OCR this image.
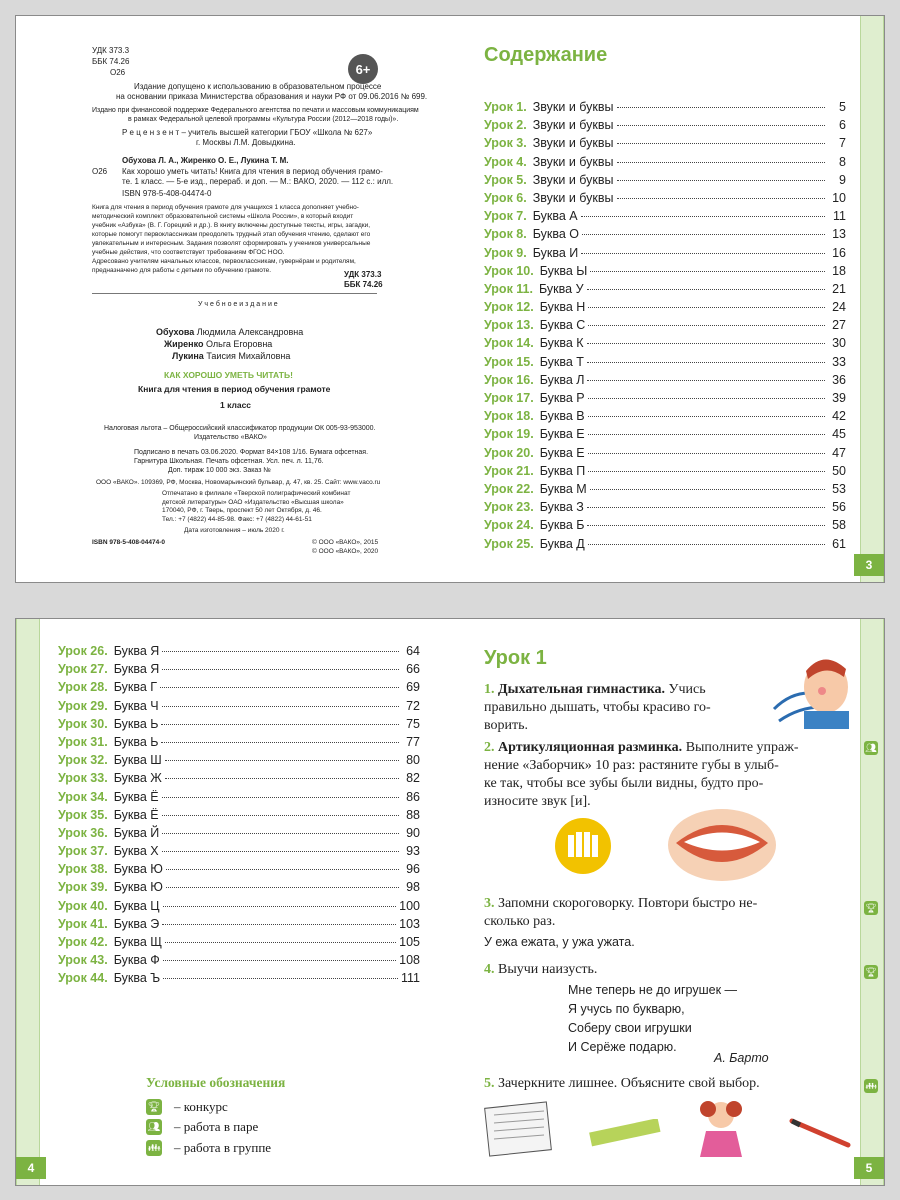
3
УДК 373.3
ББК 74.26
О26	6+
Издание допущено к использованию в образовательном процессе
на основании приказа Министерства образования и науки РФ от 09.06.2016 № 699.
Издано при финансовой поддержке Федерального агентства по печати и массовым коммуникациям
в рамках Федеральной целевой программы «Культура России (2012—2018 годы)».
Р е ц е н з е н т – учитель высшей категории ГБОУ «Школа № 627»
г. Москвы Л.М. Довыдкина.
Обухова Л. А., Жиренко О. Е., Лукина Т. М.
О26 Как хорошо уметь читать! Книга для чтения в период обучения грамо-
те. 1 класс. — 5-е изд., перераб. и доп. — М.: ВАКО, 2020. — 112 с.: илл.
ISBN 978-5-408-04474-0
Книга для чтения в период обучения грамоте для учащихся 1 класса дополняет учебно-
методический комплект образовательной системы «Школа России», в который входит
учебник «Азбука» (В. Г. Горецкий и др.). В книгу включены доступные тексты, игры, загадки,
которые помогут первоклассникам преодолеть трудный этап обучения чтению, сделают его
увлекательным и интересным. Задания позволят сформировать у учеников универсальные
учебные действия, что соответствует требованиям ФГОС НОО.
Адресовано учителям начальных классов, первоклассникам, гувернёрам и родителям,
предназначено для работы с детьми по обучению грамоте.	УДК 373.3
ББК 74.26
У ч е б н о е и з д а н и е
Обухова Людмила Александровна
Жиренко Ольга Егоровна
Лукина Таисия Михайловна
КАК ХОРОШО УМЕТЬ ЧИТАТЬ!
Книга для чтения в период обучения грамоте
1 класс
Налоговая льгота – Общероссийский классификатор продукции ОК 005-93-953000.
Издательство «ВАКО»
Подписано в печать 03.06.2020. Формат 84×108 1/16. Бумага офсетная.
Гарнитура Школьная. Печать офсетная. Усл. печ. л. 11,76.
Доп. тираж 10 000 экз. Заказ №
ООО «ВАКО». 109369, РФ, Москва, Новомарьинский бульвар, д. 47, кв. 25. Сайт: www.vaco.ru
Отпечатано в филиале «Тверской полиграфический комбинат
детской литературы» ОАО «Издательство «Высшая школа»
170040, РФ, г. Тверь, проспект 50 лет Октября, д. 46.
Тел.: +7 (4822) 44-85-98. Факс: +7 (4822) 44-61-51
Дата изготовления – июль 2020 г.
ISBN 978-5-408-04474-0	© ООО «ВАКО», 2015
© ООО «ВАКО», 2020
Содержание
Урок 1. Звуки и буквы	5
Урок 2. Звуки и буквы	6
Урок 3. Звуки и буквы	7
Урок 4. Звуки и буквы	8
Урок 5. Звуки и буквы	9
Урок 6. Звуки и буквы	10
Урок 7. Буква А	11
Урок 8. Буква О	13
Урок 9. Буква И	16
Урок 10. Буква Ы	18
Урок 11. Буква У	21
Урок 12. Буква Н	24
Урок 13. Буква С	27
Урок 14. Буква К	30
Урок 15. Буква Т	33
Урок 16. Буква Л	36
Урок 17. Буква Р	39
Урок 18. Буква В	42
Урок 19. Буква Е	45
Урок 20. Буква Е	47
Урок 21. Буква П	50
Урок 22. Буква М	53
Урок 23. Буква З	56
Урок 24. Буква Б	58
Урок 25. Буква Д	61
4	5
Урок 26. Буква Я	64
Урок 27. Буква Я	66
Урок 28. Буква Г	69
Урок 29. Буква Ч	72
Урок 30. Буква Ь	75
Урок 31. Буква Ь	77
Урок 32. Буква Ш	80
Урок 33. Буква Ж	82
Урок 34. Буква Ё	86
Урок 35. Буква Ё	88
Урок 36. Буква Й	90
Урок 37. Буква Х	93
Урок 38. Буква Ю	96
Урок 39. Буква Ю	98
Урок 40. Буква Ц	100
Урок 41. Буква Э	103
Урок 42. Буква Щ	105
Урок 43. Буква Ф	108
Урок 44. Буква Ъ	111
Условные обозначения
🏆︎ – конкурс
👥︎ – работа в паре
👪︎ – работа в группе
Урок 1
1. Дыхательная гимнастика. Учись
правильно дышать, чтобы красиво го-
ворить.
2. Артикуляционная разминка. Выполните упраж-
нение «Заборчик» 10 раз: растяните губы в улыб-
ке так, чтобы все зубы были видны, будто про-
износите звук [и].
👥︎
3. Запомни скороговорку. Повтори быстро не-
сколько раз.
🏆︎
У ежа ежата, у ужа ужата.
4. Выучи наизусть.	🏆︎
Мне теперь не до игрушек —
Я учусь по букварю,
Соберу свои игрушки
И Серёже подарю.
А. Барто
5. Зачеркните лишнее. Объясните свой выбор.	👪︎
